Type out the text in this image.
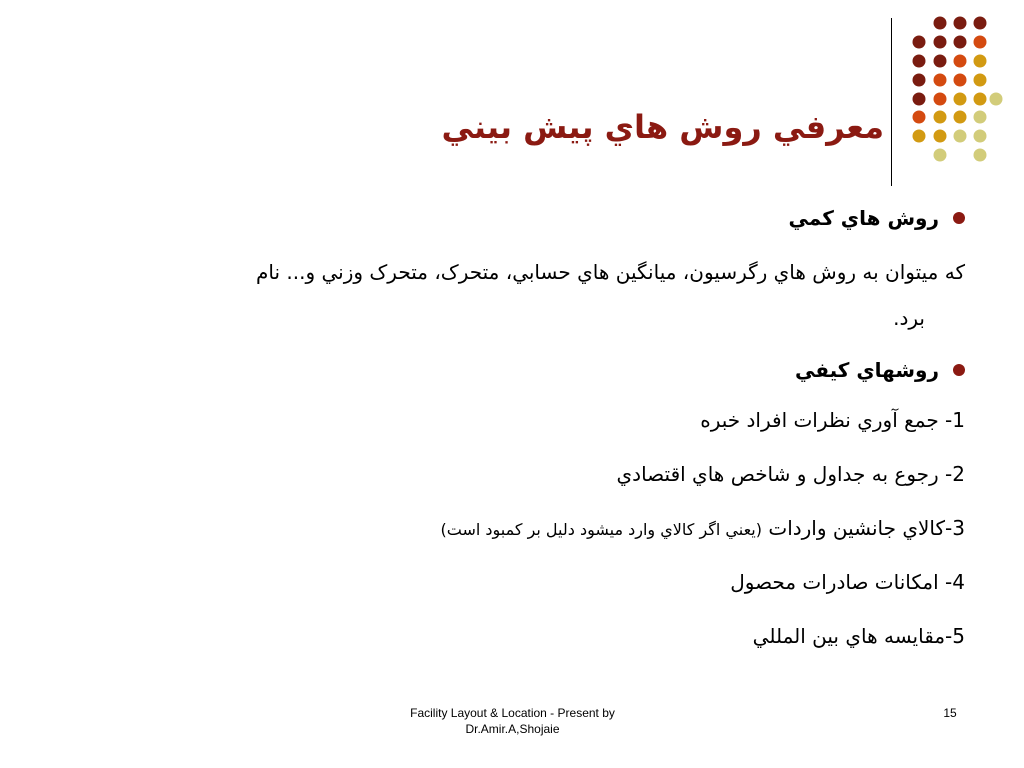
معرفي روش هاي پيش بيني
روش هاي کمي
که ميتوان به روش هاي رگرسيون، ميانگين هاي حسابي، متحرک، متحرک وزني و... نام
برد.
روشهاي کيفي
1- جمع آوري نظرات افراد خبره
2- رجوع به جداول و شاخص هاي اقتصادي
3-کالاي جانشين واردات (يعني اگر کالاي وارد ميشود دليل بر کمبود است)
4- امکانات صادرات محصول
5-مقايسه هاي بين المللي
Facility Layout & Location - Present by
Dr.Amir.A,Shojaie
15
